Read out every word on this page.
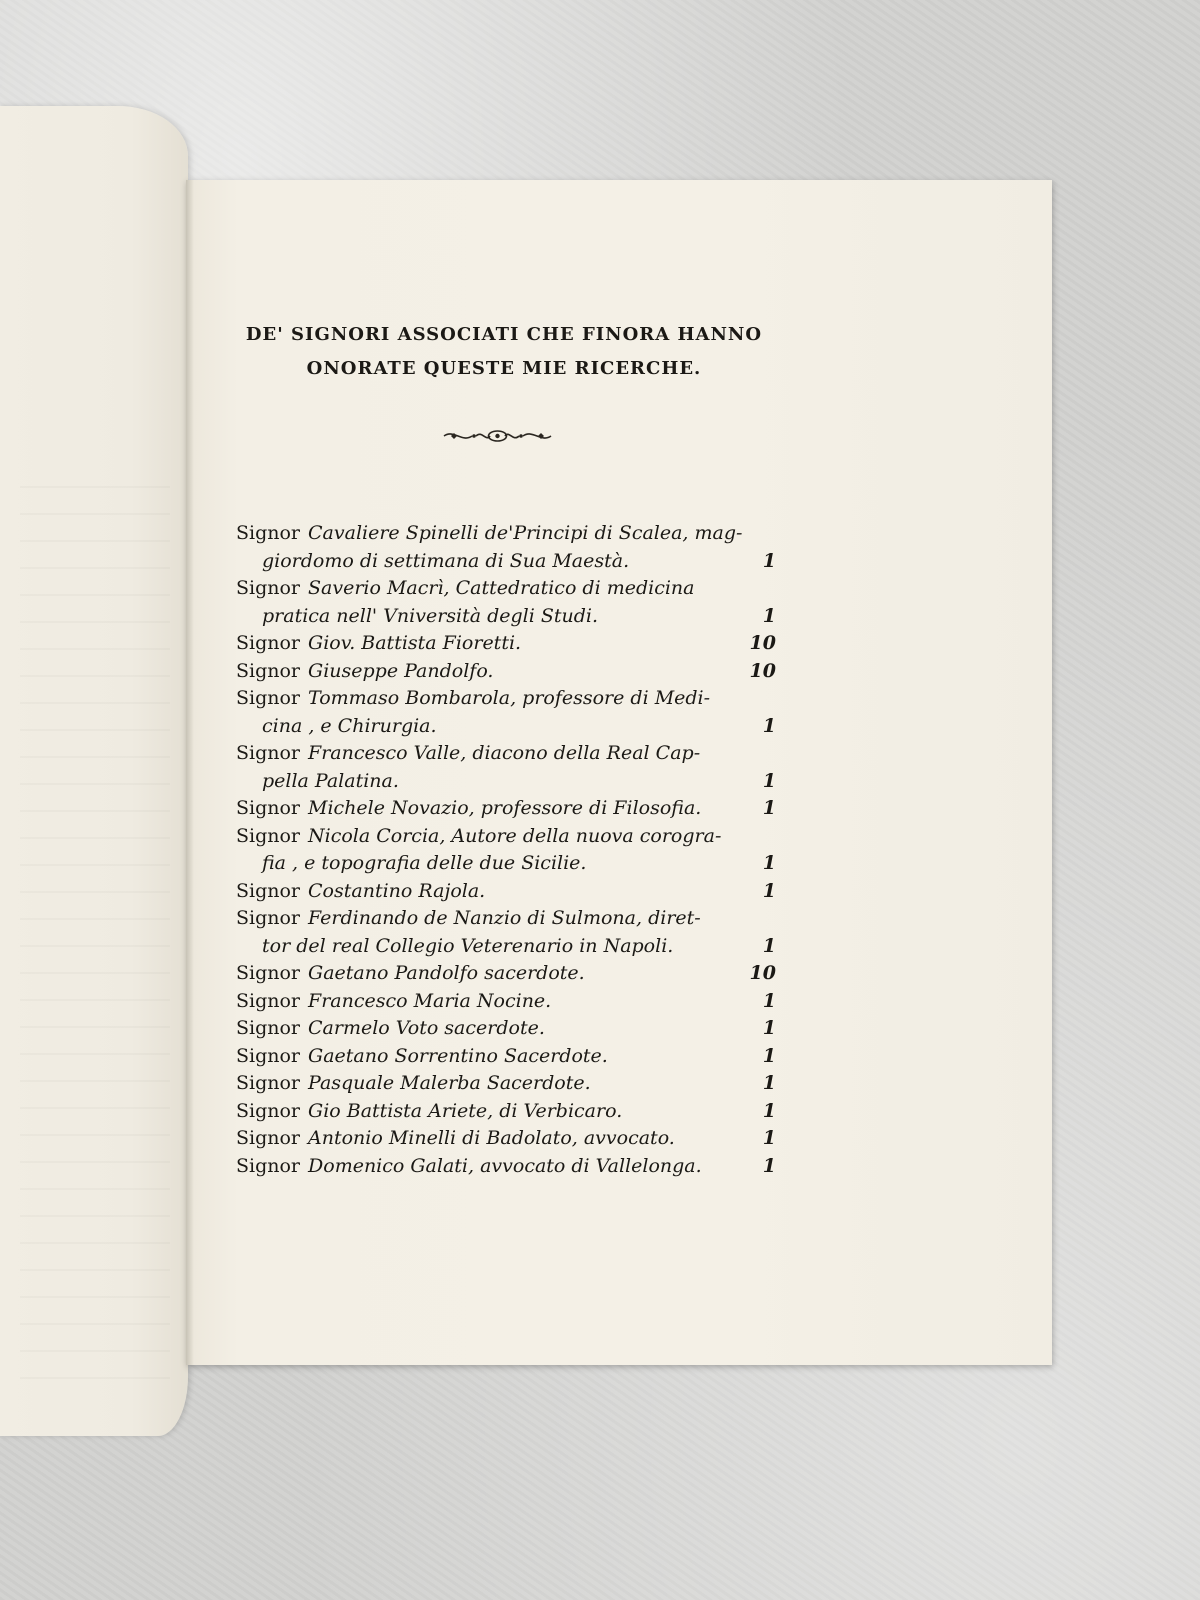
DE' SIGNORI ASSOCIATI CHE FINORA HANNO
ONORATE QUESTE MIE RICERCHE.
Signor Cavaliere Spinelli de'Principi di Scalea, mag-
giordomo di settimana di Sua Maestà.	1
Signor Saverio Macrì, Cattedratico di medicina
pratica nell' Vniversità degli Studi.	1
Signor Giov. Battista Fioretti.	10
Signor Giuseppe Pandolfo.	10
Signor Tommaso Bombarola, professore di Medi-
cina , e Chirurgia.	1
Signor Francesco Valle, diacono della Real Cap-
pella Palatina.	1
Signor Michele Novazio, professore di Filosofia.	1
Signor Nicola Corcia, Autore della nuova corogra-
fia , e topografia delle due Sicilie.	1
Signor Costantino Rajola.	1
Signor Ferdinando de Nanzio di Sulmona, diret-
tor del real Collegio Veterenario in Napoli.	1
Signor Gaetano Pandolfo sacerdote.	10
Signor Francesco Maria Nocine.	1
Signor Carmelo Voto sacerdote.	1
Signor Gaetano Sorrentino Sacerdote.	1
Signor Pasquale Malerba Sacerdote.	1
Signor Gio Battista Ariete, di Verbicaro.	1
Signor Antonio Minelli di Badolato, avvocato.	1
Signor Domenico Galati, avvocato di Vallelonga.	1
